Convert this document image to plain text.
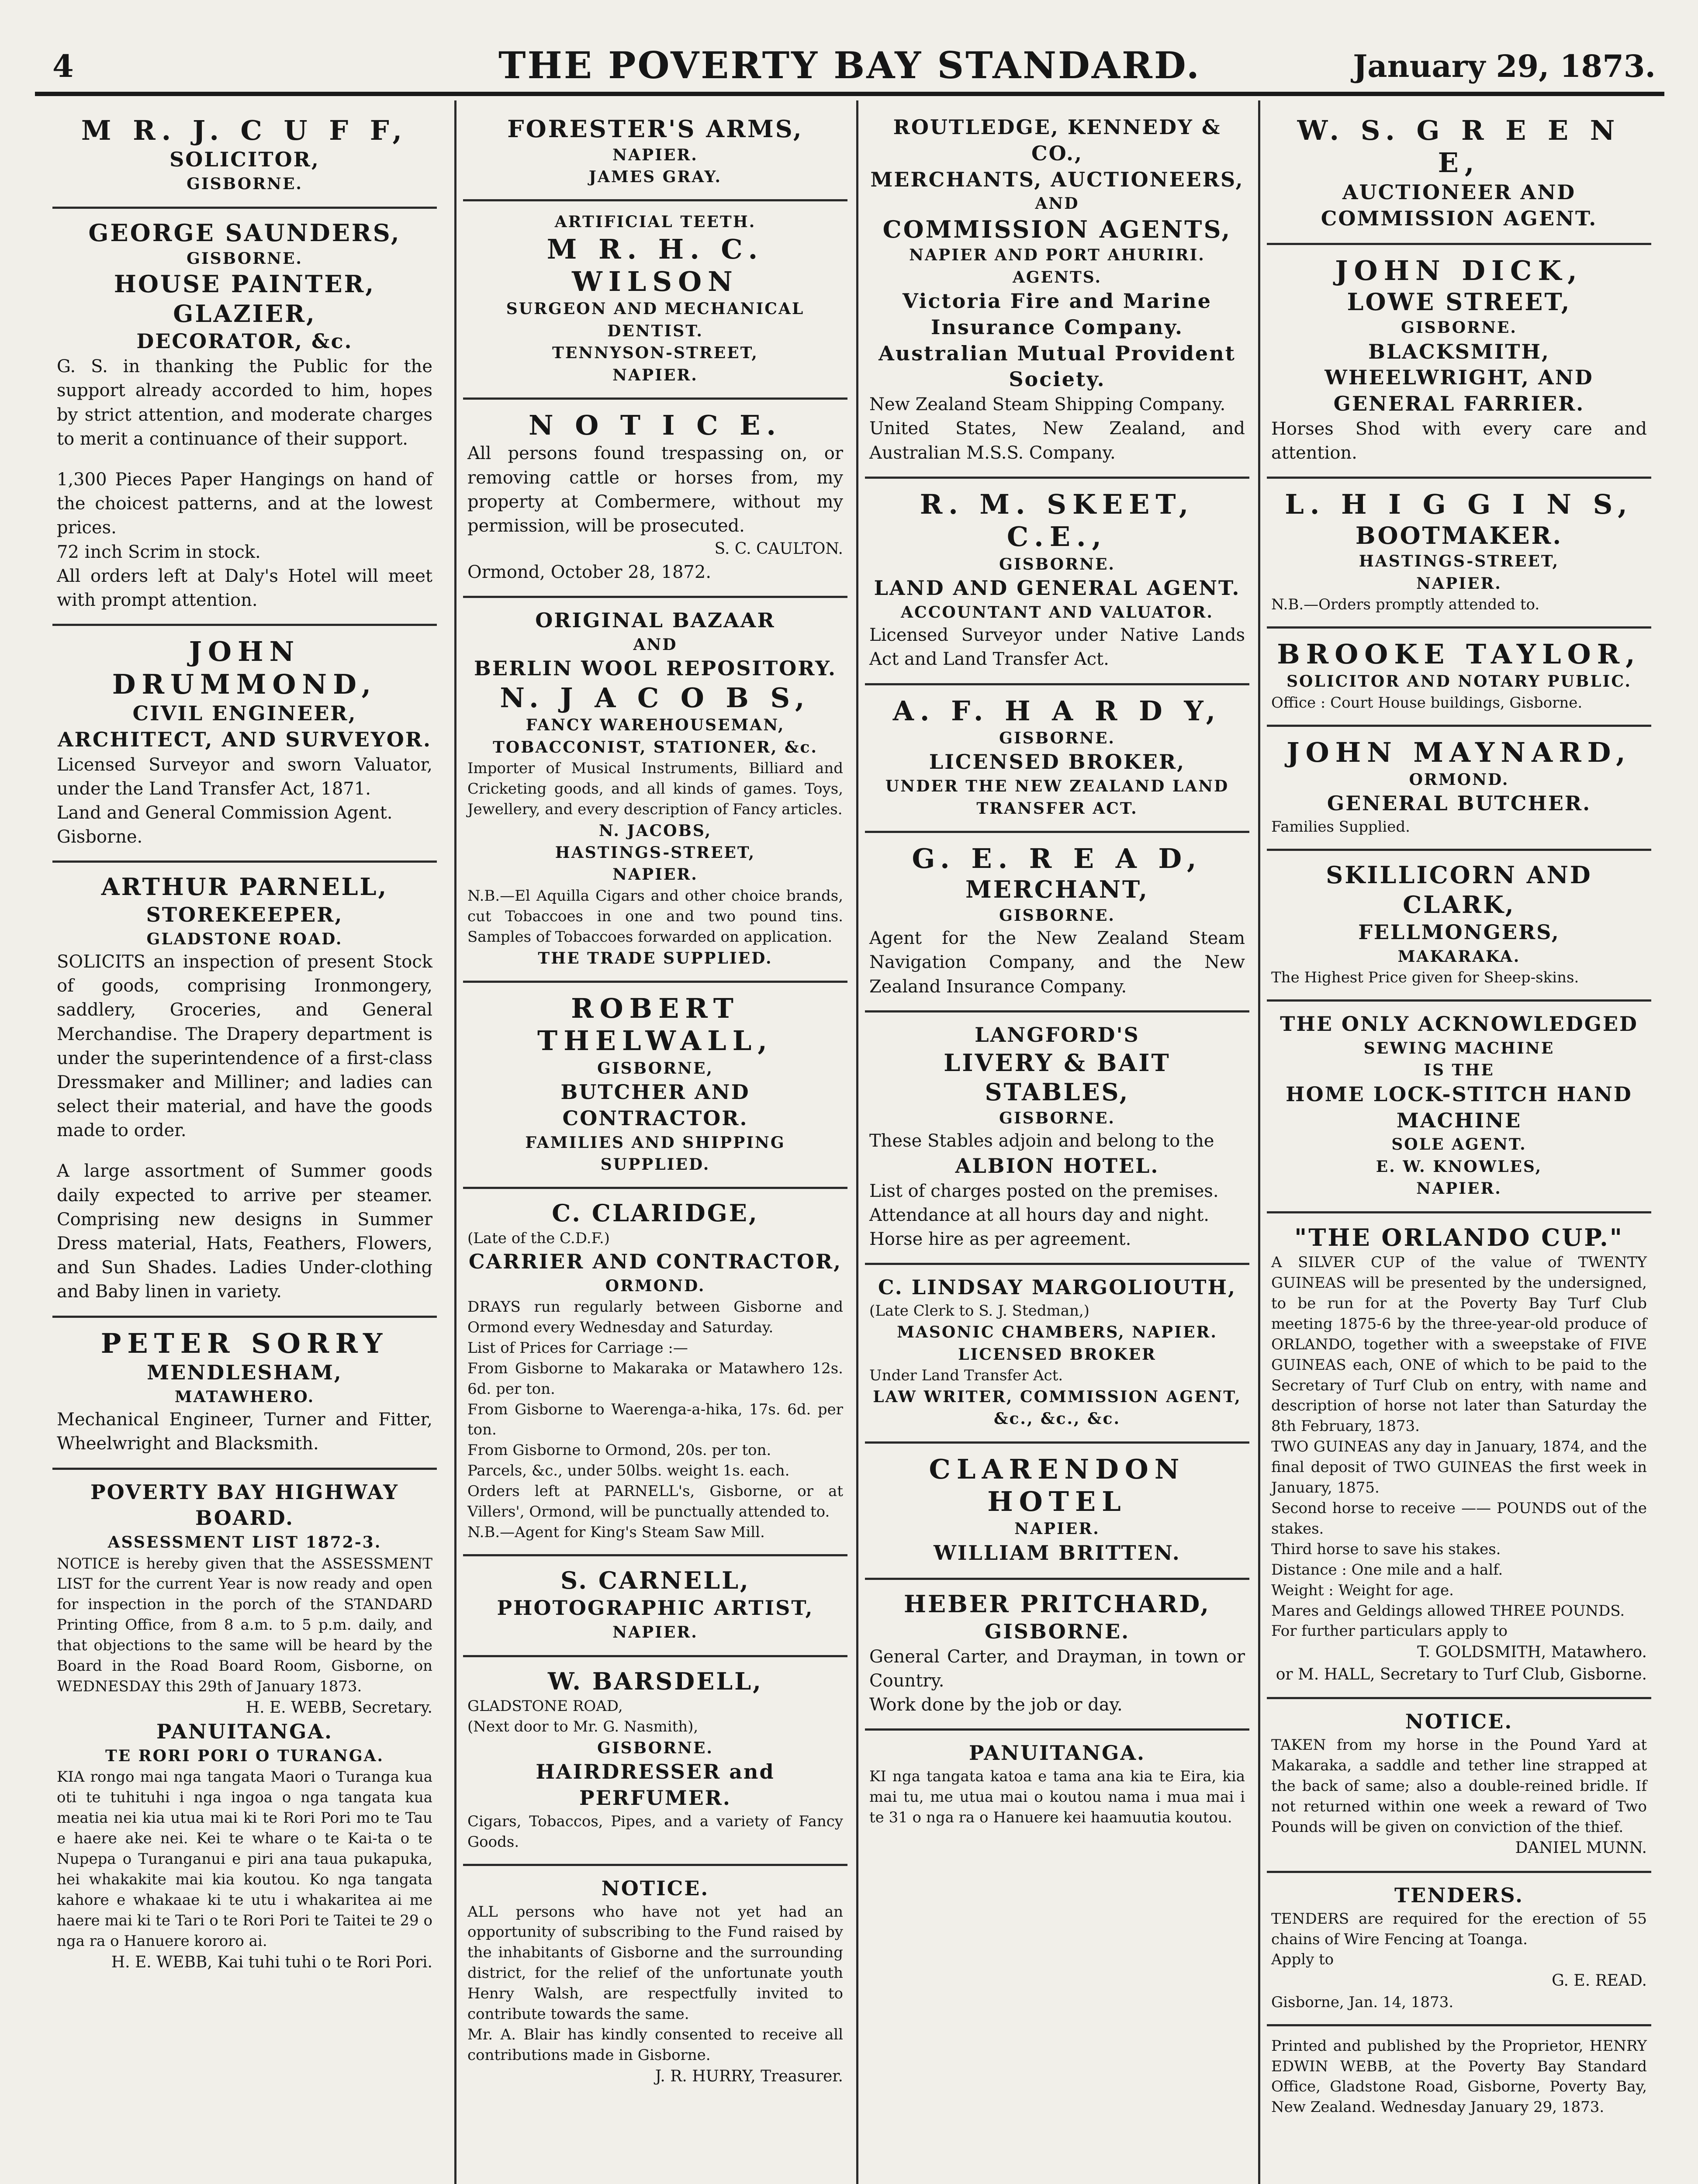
4	THE POVERTY BAY STANDARD.	January 29, 1873.
M R. J. C U F F,
SOLICITOR,
GISBORNE.
GEORGE SAUNDERS,
GISBORNE.
HOUSE PAINTER, GLAZIER,
DECORATOR, &c.
G. S. in thanking the Public for the support already accorded to him, hopes by strict attention, and moderate charges to merit a continuance of their support.
1,300 Pieces Paper Hangings on hand of the choicest patterns, and at the lowest prices.
72 inch Scrim in stock.
All orders left at Daly's Hotel will meet with prompt attention.
JOHN DRUMMOND,
CIVIL ENGINEER, ARCHITECT, AND SURVEYOR.
Licensed Surveyor and sworn Valuator, under the Land Transfer Act, 1871.
Land and General Commission Agent.
Gisborne.
ARTHUR PARNELL,
STOREKEEPER,
GLADSTONE ROAD.
SOLICITS an inspection of present Stock of goods, comprising Ironmongery, saddlery, Groceries, and General Merchandise. The Drapery department is under the superintendence of a first-class Dressmaker and Milliner; and ladies can select their material, and have the goods made to order.
A large assortment of Summer goods daily expected to arrive per steamer. Comprising new designs in Summer Dress material, Hats, Feathers, Flowers, and Sun Shades. Ladies Under-clothing and Baby linen in variety.
PETER SORRY
MENDLESHAM,
MATAWHERO.
Mechanical Engineer, Turner and Fitter, Wheelwright and Blacksmith.
POVERTY BAY HIGHWAY BOARD.
ASSESSMENT LIST 1872-3.
NOTICE is hereby given that the ASSESSMENT LIST for the current Year is now ready and open for inspection in the porch of the STANDARD Printing Office, from 8 a.m. to 5 p.m. daily, and that objections to the same will be heard by the Board in the Road Board Room, Gisborne, on WEDNESDAY this 29th of January 1873.
H. E. WEBB, Secretary.
PANUITANGA.
TE RORI PORI O TURANGA.
KIA rongo mai nga tangata Maori o Turanga kua oti te tuhituhi i nga ingoa o nga tangata kua meatia nei kia utua mai ki te Rori Pori mo te Tau e haere ake nei. Kei te whare o te Kai-ta o te Nupepa o Turanganui e piri ana taua pukapuka, hei whakakite mai kia koutou. Ko nga tangata kahore e whakaae ki te utu i whakaritea ai me haere mai ki te Tari o te Rori Pori te Taitei te 29 o nga ra o Hanuere kororo ai.
H. E. WEBB, Kai tuhi tuhi o te Rori Pori.
FORESTER'S ARMS,
NAPIER.
JAMES GRAY.
ARTIFICIAL TEETH.
M R. H. C. WILSON
SURGEON AND MECHANICAL DENTIST.
TENNYSON-STREET,
NAPIER.
N O T I C E.
All persons found trespassing on, or removing cattle or horses from, my property at Combermere, without my permission, will be prosecuted.
S. C. CAULTON.
Ormond, October 28, 1872.
ORIGINAL BAZAAR
AND
BERLIN WOOL REPOSITORY.
N. J A C O B S,
FANCY WAREHOUSEMAN,
TOBACCONIST, STATIONER, &c.
Importer of Musical Instruments, Billiard and Cricketing goods, and all kinds of games. Toys, Jewellery, and every description of Fancy articles.
N. JACOBS,
HASTINGS-STREET,
NAPIER.
N.B.—El Aquilla Cigars and other choice brands, cut Tobaccoes in one and two pound tins. Samples of Tobaccoes forwarded on application.
THE TRADE SUPPLIED.
ROBERT THELWALL,
GISBORNE,
BUTCHER AND CONTRACTOR.
FAMILIES AND SHIPPING SUPPLIED.
C. CLARIDGE,
(Late of the C.D.F.)
CARRIER AND CONTRACTOR,
ORMOND.
DRAYS run regularly between Gisborne and Ormond every Wednesday and Saturday.
List of Prices for Carriage :—
From Gisborne to Makaraka or Matawhero 12s. 6d. per ton.
From Gisborne to Waerenga-a-hika, 17s. 6d. per ton.
From Gisborne to Ormond, 20s. per ton.
Parcels, &c., under 50lbs. weight 1s. each.
Orders left at PARNELL's, Gisborne, or at Villers', Ormond, will be punctually attended to.
N.B.—Agent for King's Steam Saw Mill.
S. CARNELL,
PHOTOGRAPHIC ARTIST,
NAPIER.
W. BARSDELL,
GLADSTONE ROAD,
(Next door to Mr. G. Nasmith),
GISBORNE.
HAIRDRESSER and PERFUMER.
Cigars, Tobaccos, Pipes, and a variety of Fancy Goods.
NOTICE.
ALL persons who have not yet had an opportunity of subscribing to the Fund raised by the inhabitants of Gisborne and the surrounding district, for the relief of the unfortunate youth Henry Walsh, are respectfully invited to contribute towards the same.
Mr. A. Blair has kindly consented to receive all contributions made in Gisborne.
J. R. HURRY, Treasurer.
ROUTLEDGE, KENNEDY & CO.,
MERCHANTS, AUCTIONEERS,
AND
COMMISSION AGENTS,
NAPIER AND PORT AHURIRI.
AGENTS.
Victoria Fire and Marine Insurance Company.
Australian Mutual Provident Society.
New Zealand Steam Shipping Company.
United States, New Zealand, and Australian M.S.S. Company.
R. M. SKEET, C.E.,
GISBORNE.
LAND AND GENERAL AGENT.
ACCOUNTANT AND VALUATOR.
Licensed Surveyor under Native Lands Act and Land Transfer Act.
A. F. H A R D Y,
GISBORNE.
LICENSED BROKER,
UNDER THE NEW ZEALAND LAND TRANSFER ACT.
G. E. R E A D,
MERCHANT,
GISBORNE.
Agent for the New Zealand Steam Navigation Company, and the New Zealand Insurance Company.
LANGFORD'S
LIVERY & BAIT STABLES,
GISBORNE.
These Stables adjoin and belong to the
ALBION HOTEL.
List of charges posted on the premises.
Attendance at all hours day and night.
Horse hire as per agreement.
C. LINDSAY MARGOLIOUTH,
(Late Clerk to S. J. Stedman,)
MASONIC CHAMBERS, NAPIER.
LICENSED BROKER
Under Land Transfer Act.
LAW WRITER, COMMISSION AGENT, &c., &c., &c.
CLARENDON HOTEL
NAPIER.
WILLIAM BRITTEN.
HEBER PRITCHARD,
GISBORNE.
General Carter, and Drayman, in town or Country.
Work done by the job or day.
PANUITANGA.
KI nga tangata katoa e tama ana kia te Eira, kia mai tu, me utua mai o koutou nama i mua mai i te 31 o nga ra o Hanuere kei haamuutia koutou.
W. S. G R E E N E,
AUCTIONEER AND COMMISSION AGENT.
JOHN DICK,
LOWE STREET,
GISBORNE.
BLACKSMITH, WHEELWRIGHT, AND GENERAL FARRIER.
Horses Shod with every care and attention.
L. H I G G I N S,
BOOTMAKER.
HASTINGS-STREET,
NAPIER.
N.B.—Orders promptly attended to.
BROOKE TAYLOR,
SOLICITOR AND NOTARY PUBLIC.
Office : Court House buildings, Gisborne.
JOHN MAYNARD,
ORMOND.
GENERAL BUTCHER.
Families Supplied.
SKILLICORN AND CLARK,
FELLMONGERS,
MAKARAKA.
The Highest Price given for Sheep-skins.
THE ONLY ACKNOWLEDGED
SEWING MACHINE
IS THE
HOME LOCK-STITCH HAND MACHINE
SOLE AGENT.
E. W. KNOWLES,
NAPIER.
"THE ORLANDO CUP."
A SILVER CUP of the value of TWENTY GUINEAS will be presented by the undersigned, to be run for at the Poverty Bay Turf Club meeting 1875-6 by the three-year-old produce of ORLANDO, together with a sweepstake of FIVE GUINEAS each, ONE of which to be paid to the Secretary of Turf Club on entry, with name and description of horse not later than Saturday the 8th February, 1873.
TWO GUINEAS any day in January, 1874, and the final deposit of TWO GUINEAS the first week in January, 1875.
Second horse to receive —— POUNDS out of the stakes.
Third horse to save his stakes.
Distance : One mile and a half.
Weight : Weight for age.
Mares and Geldings allowed THREE POUNDS.
For further particulars apply to
T. GOLDSMITH, Matawhero.
or M. HALL, Secretary to Turf Club, Gisborne.
NOTICE.
TAKEN from my horse in the Pound Yard at Makaraka, a saddle and tether line strapped at the back of same; also a double-reined bridle. If not returned within one week a reward of Two Pounds will be given on conviction of the thief.
DANIEL MUNN.
TENDERS.
TENDERS are required for the erection of 55 chains of Wire Fencing at Toanga.
Apply to
G. E. READ.
Gisborne, Jan. 14, 1873.
Printed and published by the Proprietor, HENRY EDWIN WEBB, at the Poverty Bay Standard Office, Gladstone Road, Gisborne, Poverty Bay, New Zealand. Wednesday January 29, 1873.
